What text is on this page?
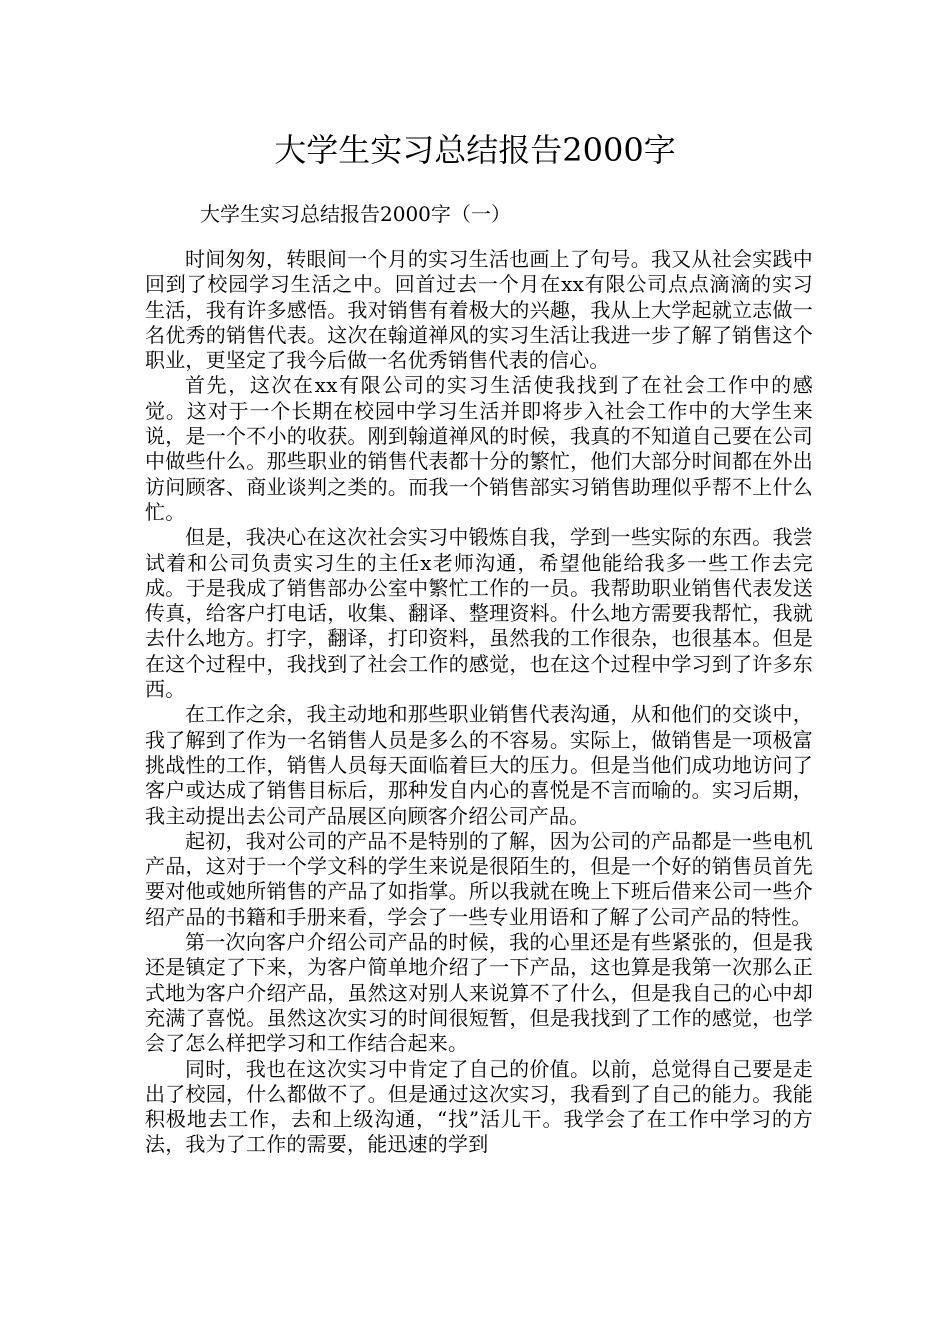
大学生实习总结报告2000字
大学生实习总结报告2000字（一）

时间匆匆，转眼间一个月的实习生活也画上了句号。我又从社会实践中回到了校园学习生活之中。回首过去一个月在xx有限公司点点滴滴的实习生活，我有许多感悟。我对销售有着极大的兴趣，我从上大学起就立志做一名优秀的销售代表。这次在翰道禅风的实习生活让我进一步了解了销售这个职业，更坚定了我今后做一名优秀销售代表的信心。

首先，这次在xx有限公司的实习生活使我找到了在社会工作中的感觉。这对于一个长期在校园中学习生活并即将步入社会工作中的大学生来说，是一个不小的收获。刚到翰道禅风的时候，我真的不知道自己要在公司中做些什么。那些职业的销售代表都十分的繁忙，他们大部分时间都在外出访问顾客、商业谈判之类的。而我一个销售部实习销售助理似乎帮不上什么忙。

但是，我决心在这次社会实习中锻炼自我，学到一些实际的东西。我尝试着和公司负责实习生的主任x老师沟通，希望他能给我多一些工作去完成。于是我成了销售部办公室中繁忙工作的一员。我帮助职业销售代表发送传真，给客户打电话，收集、翻译、整理资料。什么地方需要我帮忙，我就去什么地方。打字，翻译，打印资料，虽然我的工作很杂，也很基本。但是在这个过程中，我找到了社会工作的感觉，也在这个过程中学习到了许多东西。

在工作之余，我主动地和那些职业销售代表沟通，从和他们的交谈中，我了解到了作为一名销售人员是多么的不容易。实际上，做销售是一项极富挑战性的工作，销售人员每天面临着巨大的压力。但是当他们成功地访问了客户或达成了销售目标后，那种发自内心的喜悦是不言而喻的。实习后期，我主动提出去公司产品展区向顾客介绍公司产品。

起初，我对公司的产品不是特别的了解，因为公司的产品都是一些电机产品，这对于一个学文科的学生来说是很陌生的，但是一个好的销售员首先要对他或她所销售的产品了如指掌。所以我就在晚上下班后借来公司一些介绍产品的书籍和手册来看，学会了一些专业用语和了解了公司产品的特性。

第一次向客户介绍公司产品的时候，我的心里还是有些紧张的，但是我还是镇定了下来，为客户简单地介绍了一下产品，这也算是我第一次那么正式地为客户介绍产品，虽然这对别人来说算不了什么，但是我自己的心中却充满了喜悦。虽然这次实习的时间很短暂，但是我找到了工作的感觉，也学会了怎么样把学习和工作结合起来。

同时，我也在这次实习中肯定了自己的价值。以前，总觉得自己要是走出了校园，什么都做不了。但是通过这次实习，我看到了自己的能力。我能积极地去工作，去和上级沟通，“找”活儿干。我学会了在工作中学习的方法，我为了工作的需要，能迅速的学到
